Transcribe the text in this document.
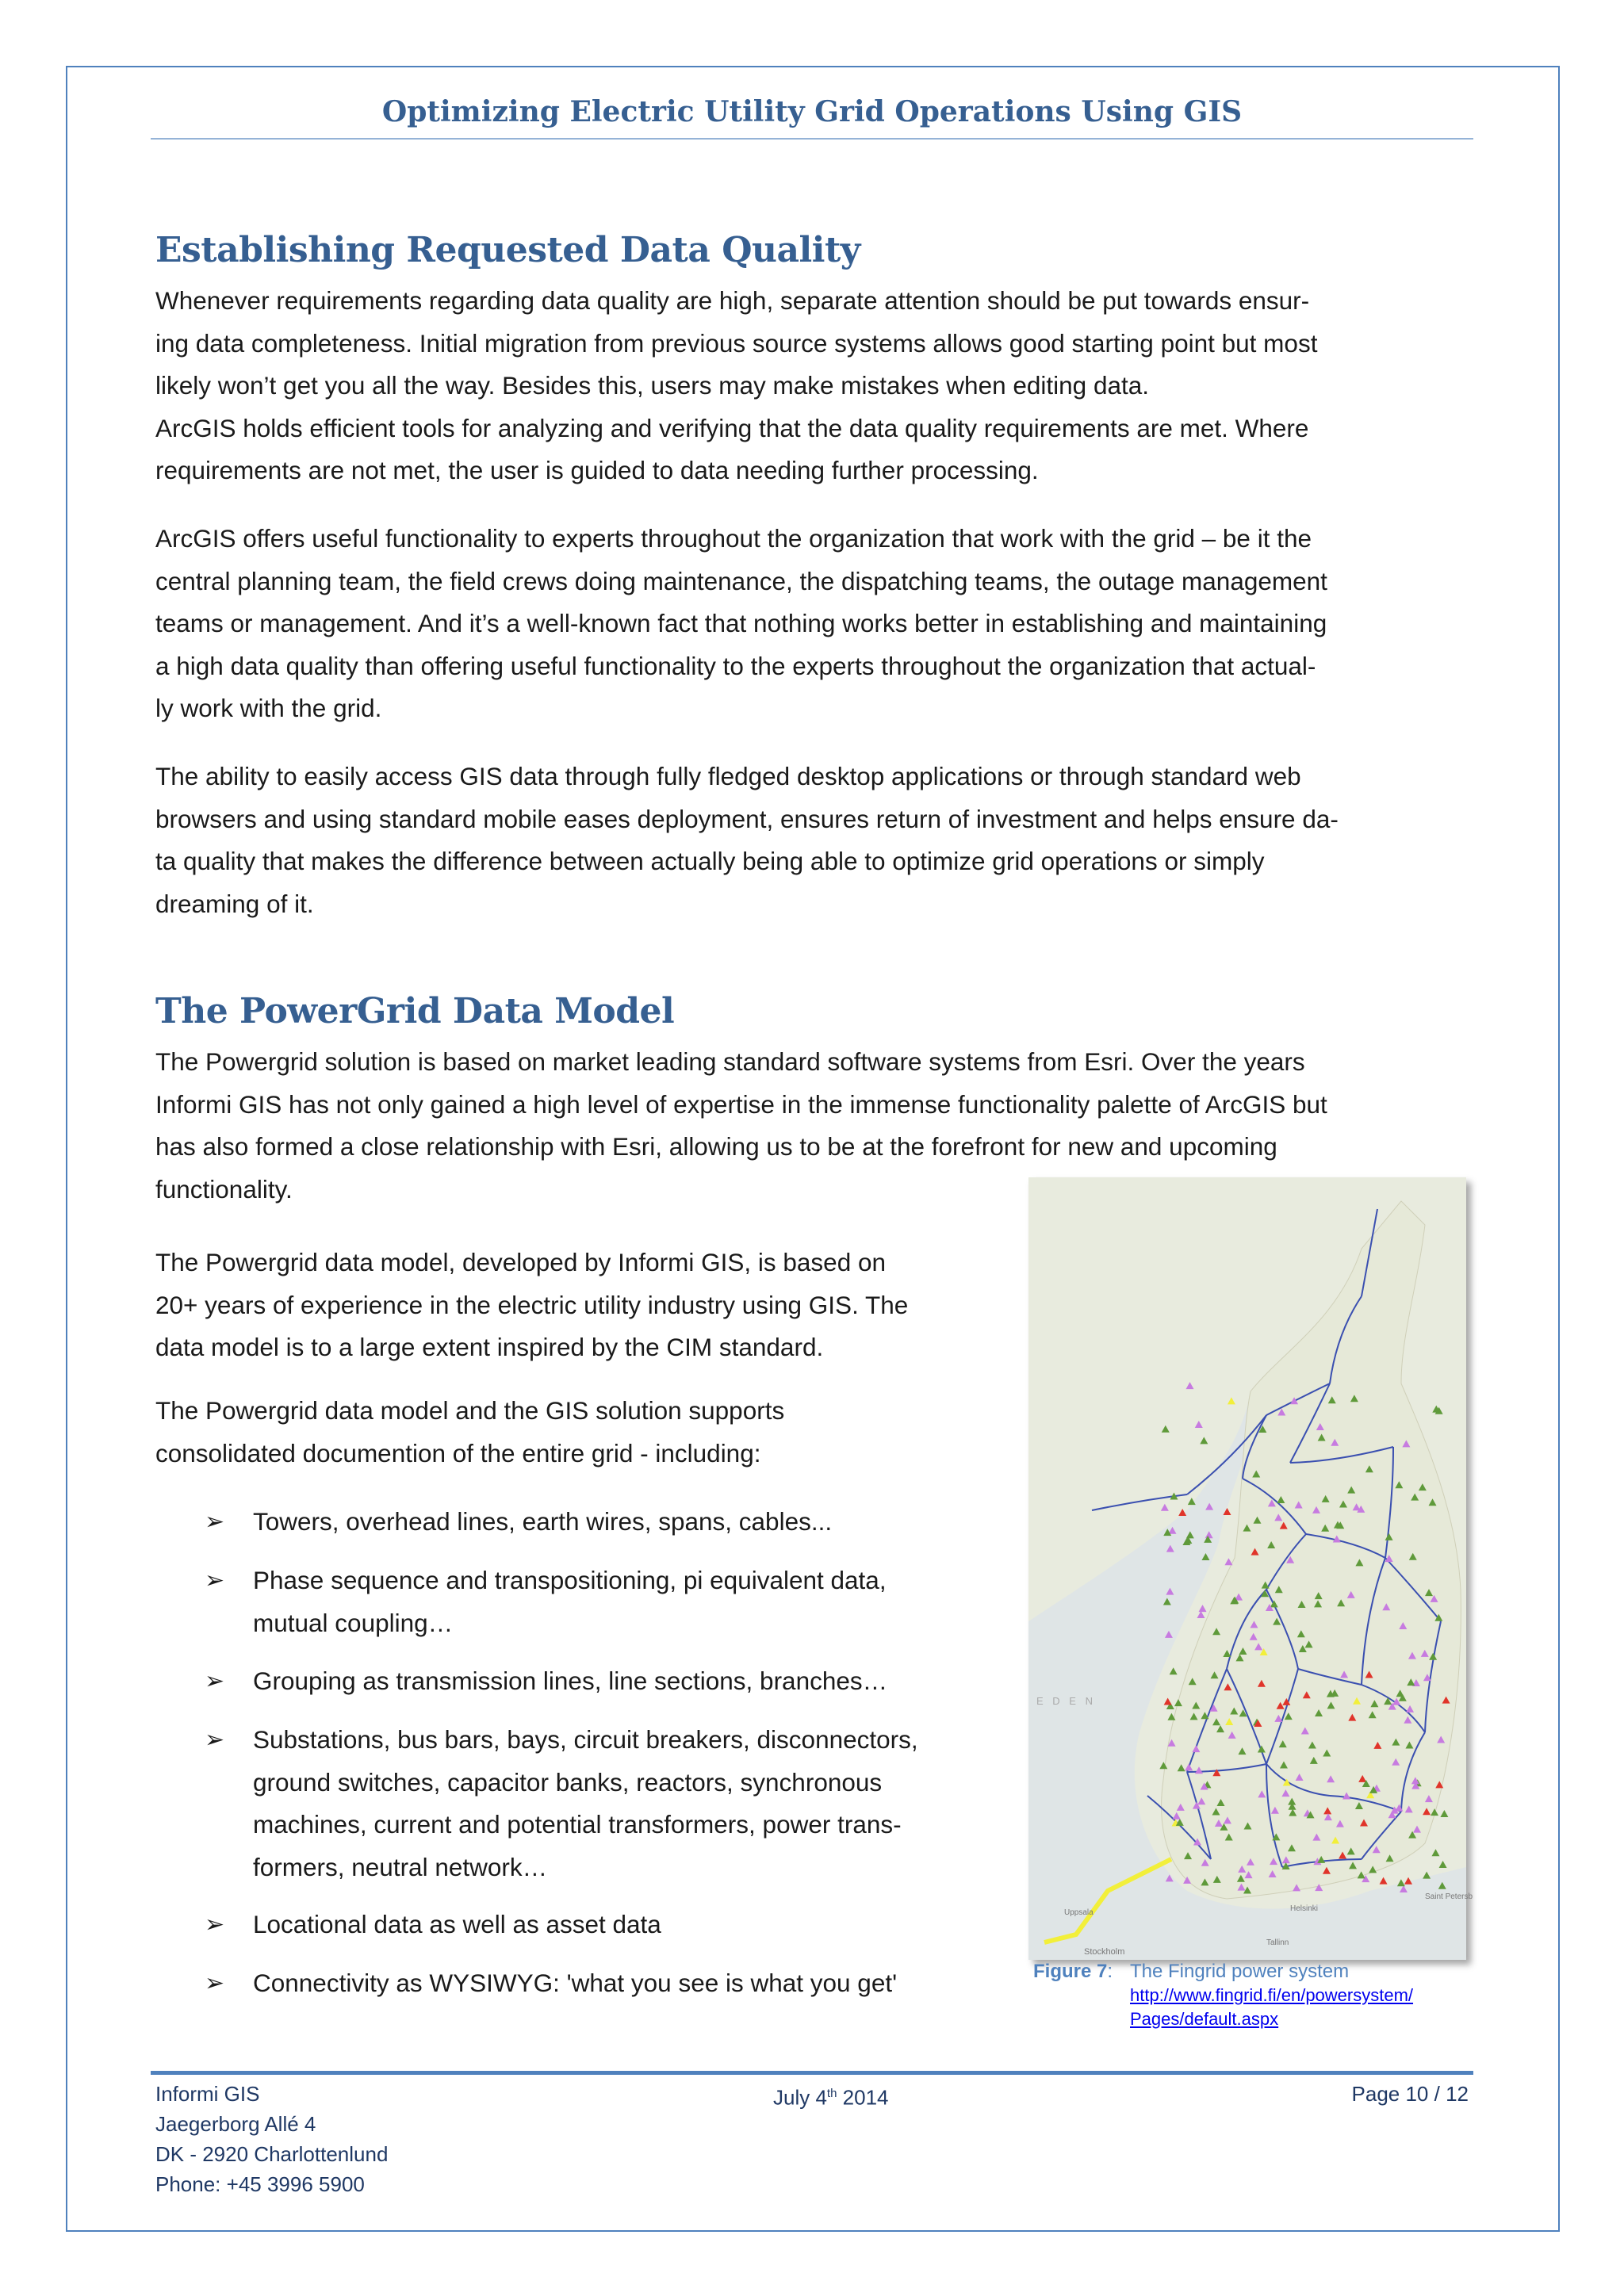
Optimizing Electric Utility Grid Operations Using GIS
Establishing Requested Data Quality
Whenever requirements regarding data quality are high, separate attention should be put towards ensur-
ing data completeness. Initial migration from previous source systems allows good starting point but most
likely won’t get you all the way. Besides this, users may make mistakes when editing data.
ArcGIS holds efficient tools for analyzing and verifying that the data quality requirements are met. Where
requirements are not met, the user is guided to data needing further processing.
ArcGIS offers useful functionality to experts throughout the organization that work with the grid – be it the
central planning team, the field crews doing maintenance, the dispatching teams, the outage management
teams or management. And it’s a well-known fact that nothing works better in establishing and maintaining
a high data quality than offering useful functionality to the experts throughout the organization that actual-
ly work with the grid.
The ability to easily access GIS data through fully fledged desktop applications or through standard web
browsers and using standard mobile eases deployment, ensures return of investment and helps ensure da-
ta quality that makes the difference between actually being able to optimize grid operations or simply
dreaming of it.
The PowerGrid Data Model
The Powergrid solution is based on market leading standard software systems from Esri. Over the years
Informi GIS has not only gained a high level of expertise in the immense functionality palette of ArcGIS but
has also formed a close relationship with Esri, allowing us to be at the forefront for new and upcoming
functionality.
The Powergrid data model, developed by Informi GIS, is based on
20+ years of experience in the electric utility industry using GIS. The
data model is to a large extent inspired by the CIM standard.
The Powergrid data model and the GIS solution supports
consolidated documention of the entire grid - including:
➢ Towers, overhead lines, earth wires, spans, cables...
➢ Phase sequence and transpositioning, pi equivalent data,
mutual coupling…
➢ Grouping as transmission lines, line sections, branches…
➢ Substations, bus bars, bays, circuit breakers, disconnectors,
ground switches, capacitor banks, reactors, synchronous
machines, current and potential transformers, power trans-
formers, neutral network…
➢ Locational data as well as asset data
➢ Connectivity as WYSIWYG: 'what you see is what you get'
Stockholm
Uppsala	Helsinki
Tallinn
Saint Petersb
E D E N
Figure 7: The Fingrid power system
http://www.fingrid.fi/en/powersystem/
Pages/default.aspx
Informi GIS
Jaegerborg Allé 4
DK - 2920 Charlottenlund
Phone: +45 3996 5900
July 4th 2014	Page 10 / 12
